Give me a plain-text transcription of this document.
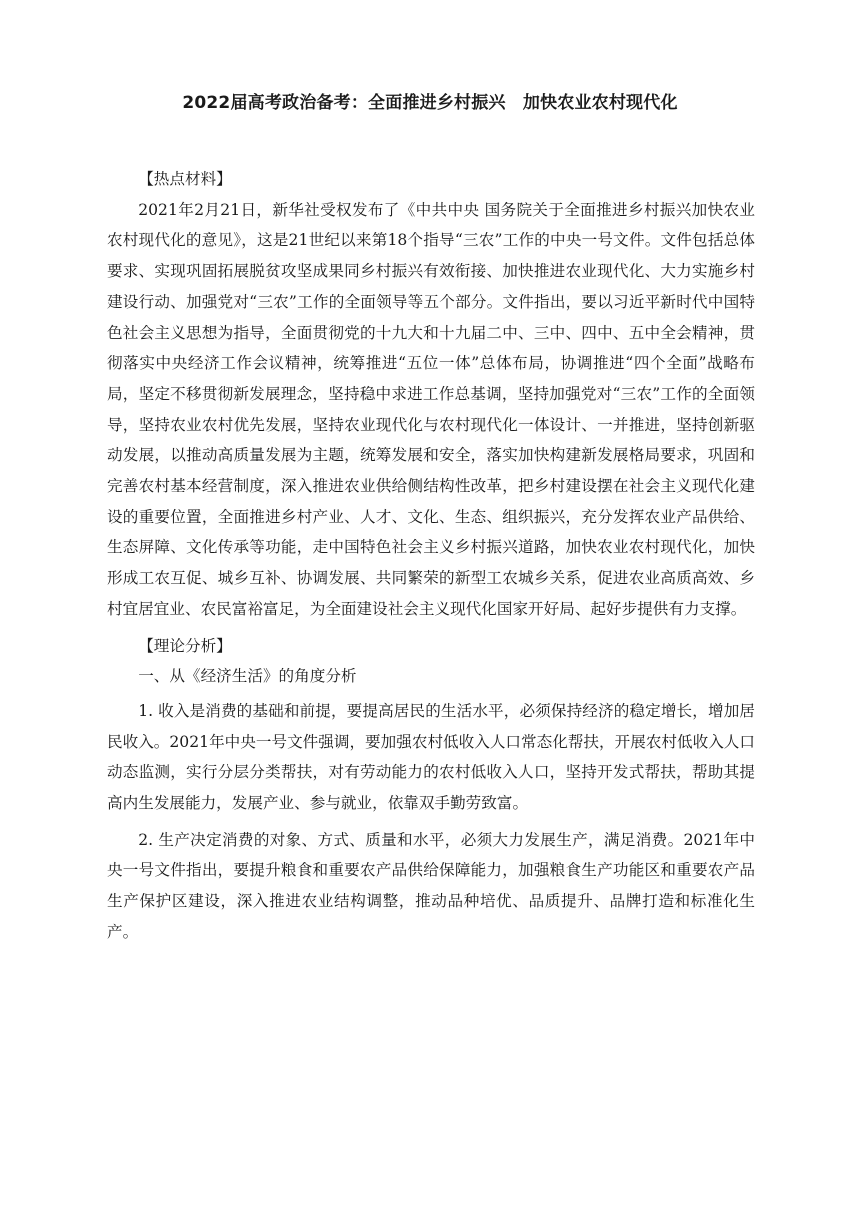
2022届高考政治备考：全面推进乡村振兴　加快农业农村现代化

【热点材料】

2021年2月21日，新华社受权发布了《中共中央 国务院关于全面推进乡村振兴加快农业农村现代化的意见》，这是21世纪以来第18个指导“三农”工作的中央一号文件。文件包括总体要求、实现巩固拓展脱贫攻坚成果同乡村振兴有效衔接、加快推进农业现代化、大力实施乡村建设行动、加强党对“三农”工作的全面领导等五个部分。文件指出，要以习近平新时代中国特色社会主义思想为指导，全面贯彻党的十九大和十九届二中、三中、四中、五中全会精神，贯彻落实中央经济工作会议精神，统筹推进“五位一体”总体布局，协调推进“四个全面”战略布局，坚定不移贯彻新发展理念，坚持稳中求进工作总基调，坚持加强党对“三农”工作的全面领导，坚持农业农村优先发展，坚持农业现代化与农村现代化一体设计、一并推进，坚持创新驱动发展，以推动高质量发展为主题，统筹发展和安全，落实加快构建新发展格局要求，巩固和完善农村基本经营制度，深入推进农业供给侧结构性改革，把乡村建设摆在社会主义现代化建设的重要位置，全面推进乡村产业、人才、文化、生态、组织振兴，充分发挥农业产品供给、生态屏障、文化传承等功能，走中国特色社会主义乡村振兴道路，加快农业农村现代化，加快形成工农互促、城乡互补、协调发展、共同繁荣的新型工农城乡关系，促进农业高质高效、乡村宜居宜业、农民富裕富足，为全面建设社会主义现代化国家开好局、起好步提供有力支撑。

【理论分析】

一、从《经济生活》的角度分析

1. 收入是消费的基础和前提，要提高居民的生活水平，必须保持经济的稳定增长，增加居民收入。2021年中央一号文件强调，要加强农村低收入人口常态化帮扶，开展农村低收入人口动态监测，实行分层分类帮扶，对有劳动能力的农村低收入人口，坚持开发式帮扶，帮助其提高内生发展能力，发展产业、参与就业，依靠双手勤劳致富。

2. 生产决定消费的对象、方式、质量和水平，必须大力发展生产，满足消费。2021年中央一号文件指出，要提升粮食和重要农产品供给保障能力，加强粮食生产功能区和重要农产品生产保护区建设，深入推进农业结构调整，推动品种培优、品质提升、品牌打造和标准化生产。
